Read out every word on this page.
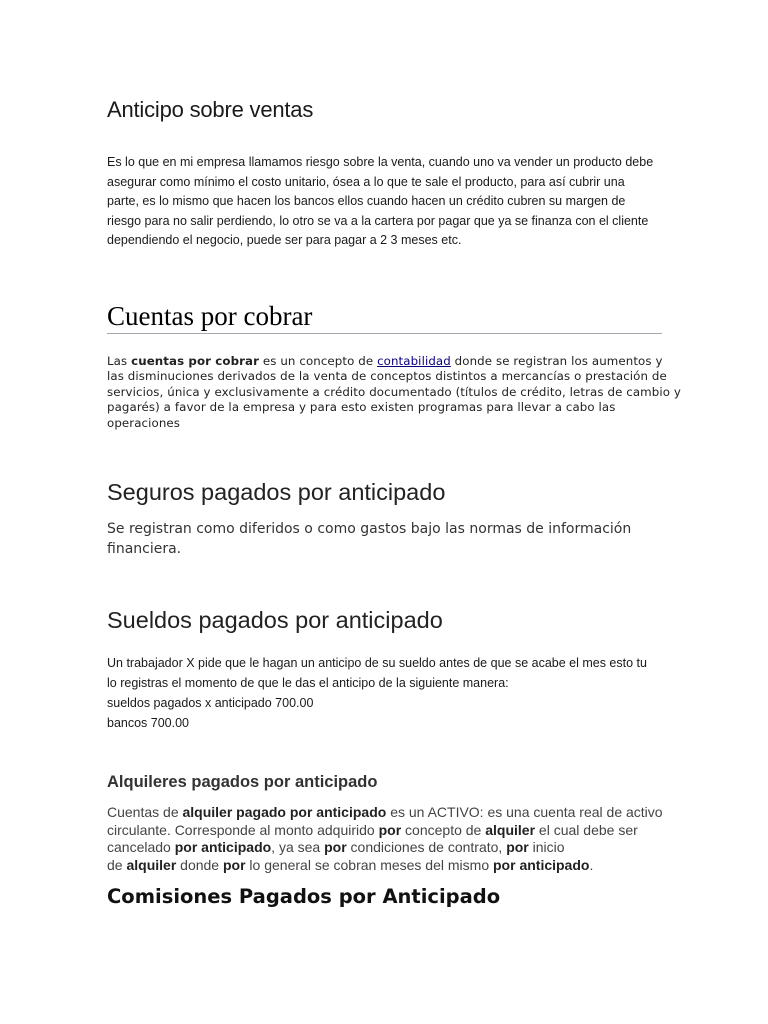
Anticipo sobre ventas

Es lo que en mi empresa llamamos riesgo sobre la venta, cuando uno va vender un producto debe
asegurar como mínimo el costo unitario, ósea a lo que te sale el producto, para así cubrir una
parte, es lo mismo que hacen los bancos ellos cuando hacen un crédito cubren su margen de
riesgo para no salir perdiendo, lo otro se va a la cartera por pagar que ya se finanza con el cliente
dependiendo el negocio, puede ser para pagar a 2 3 meses etc.

Cuentas por cobrar

Las cuentas por cobrar es un concepto de contabilidad donde se registran los aumentos y
las disminuciones derivados de la venta de conceptos distintos a mercancías o prestación de
servicios, única y exclusivamente a crédito documentado (títulos de crédito, letras de cambio y
pagarés) a favor de la empresa y para esto existen programas para llevar a cabo las
operaciones

Seguros pagados por anticipado

Se registran como diferidos o como gastos bajo las normas de información
financiera.

Sueldos pagados por anticipado

Un trabajador X pide que le hagan un anticipo de su sueldo antes de que se acabe el mes esto tu
lo registras el momento de que le das el anticipo de la siguiente manera:
sueldos pagados x anticipado 700.00
bancos 700.00

Alquileres pagados por anticipado

Cuentas de alquiler pagado por anticipado es un ACTIVO: es una cuenta real de activo
circulante. Corresponde al monto adquirido por concepto de alquiler el cual debe ser
cancelado por anticipado, ya sea por condiciones de contrato, por inicio
de alquiler donde por lo general se cobran meses del mismo por anticipado.

Comisiones Pagados por Anticipado
